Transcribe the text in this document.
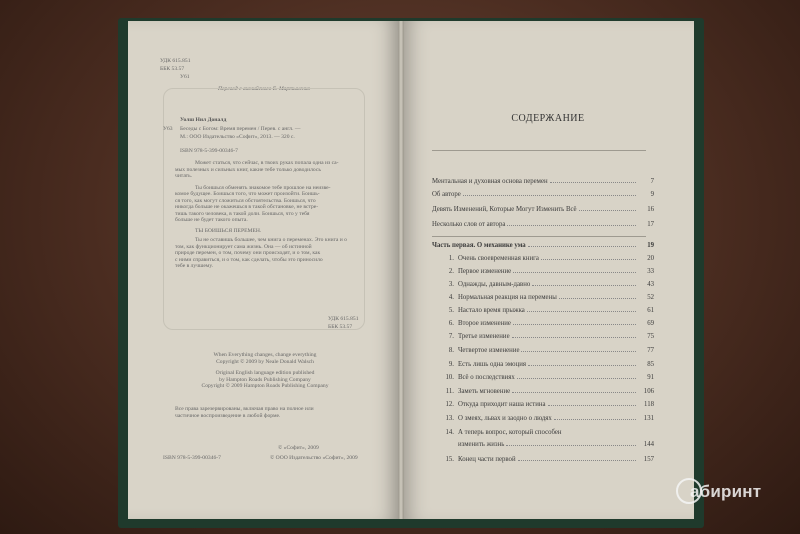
УДК 615.851
ББК 53.57
У61
Перевод с английского Е. Мартыненко
Уолш Нил Доналд
У63 Беседы с Богом: Время перемен / Перев. с англ. —
М.: ООО Издательство «Софит», 2013. — 320 с.
ISBN 978-5-399-00346-7
Может статься, что сейчас, в твоих руках попала одна из са-
мых полезных и сильных книг, какие тебе только доводилось
читать.
Ты боишься обменять знакомое тебе прошлое на неизве-
комое будущее. Боишься того, что может произойти. Боишь-
ся того, как могут сложиться обстоятельства. Боишься, что
никогда больше не окажешься в такой обстановке, не встре-
тишь такого человека, в такой доли. Боишься, что у тебя
больше не будет такого опыта.
ТЫ БОИШЬСЯ ПЕРЕМЕН.
Ты не оставишь большее, чем книга о переменах. Это книга и о
том, как функционирует сама жизнь. Она — об истинной
природе перемен, о том, почему они происходят, и о том, как
с ними справиться, и о том, как сделать, чтобы это приносило
тебе в лучшему.
УДК 615.851
ББК 53.57
When Everything changes, change everything
Copyright © 2009 by Neale Donald Walsch
Original English language edition published
by Hampton Roads Publishing Company
Copyright © 2009 Hampton Roads Publishing Company
Все права зарезервированы, включая право на полное или
частичное воспроизведение в любой форме.
© «Софит», 2009
ISBN 978-5-399-00346-7	© ООО Издательство «Софит», 2009
СОДЕРЖАНИЕ
Ментальная и духовная основа перемен	7
Об авторе	9
Девять Изменений, Которые Могут Изменить Всё	16
Несколько слов от автора	17
Часть первая. О механике ума	19
1. Очень своевременная книга	20
2. Первое изменение	33
3. Однажды, давным-давно	43
4. Нормальная реакция на перемены	52
5. Настало время прыжка	61
6. Второе изменение	69
7. Третье изменение	75
8. Четвертое изменение	77
9. Есть лишь одна эмоция	85
10. Всё о последствиях	91
11. Заметь мгновение	106
12. Откуда приходит наша истина	118
13. О змеях, львах и заодно о людях	131
14. А теперь вопрос, который способен
изменить жизнь	144
15. Конец части первой	157
абиринт
